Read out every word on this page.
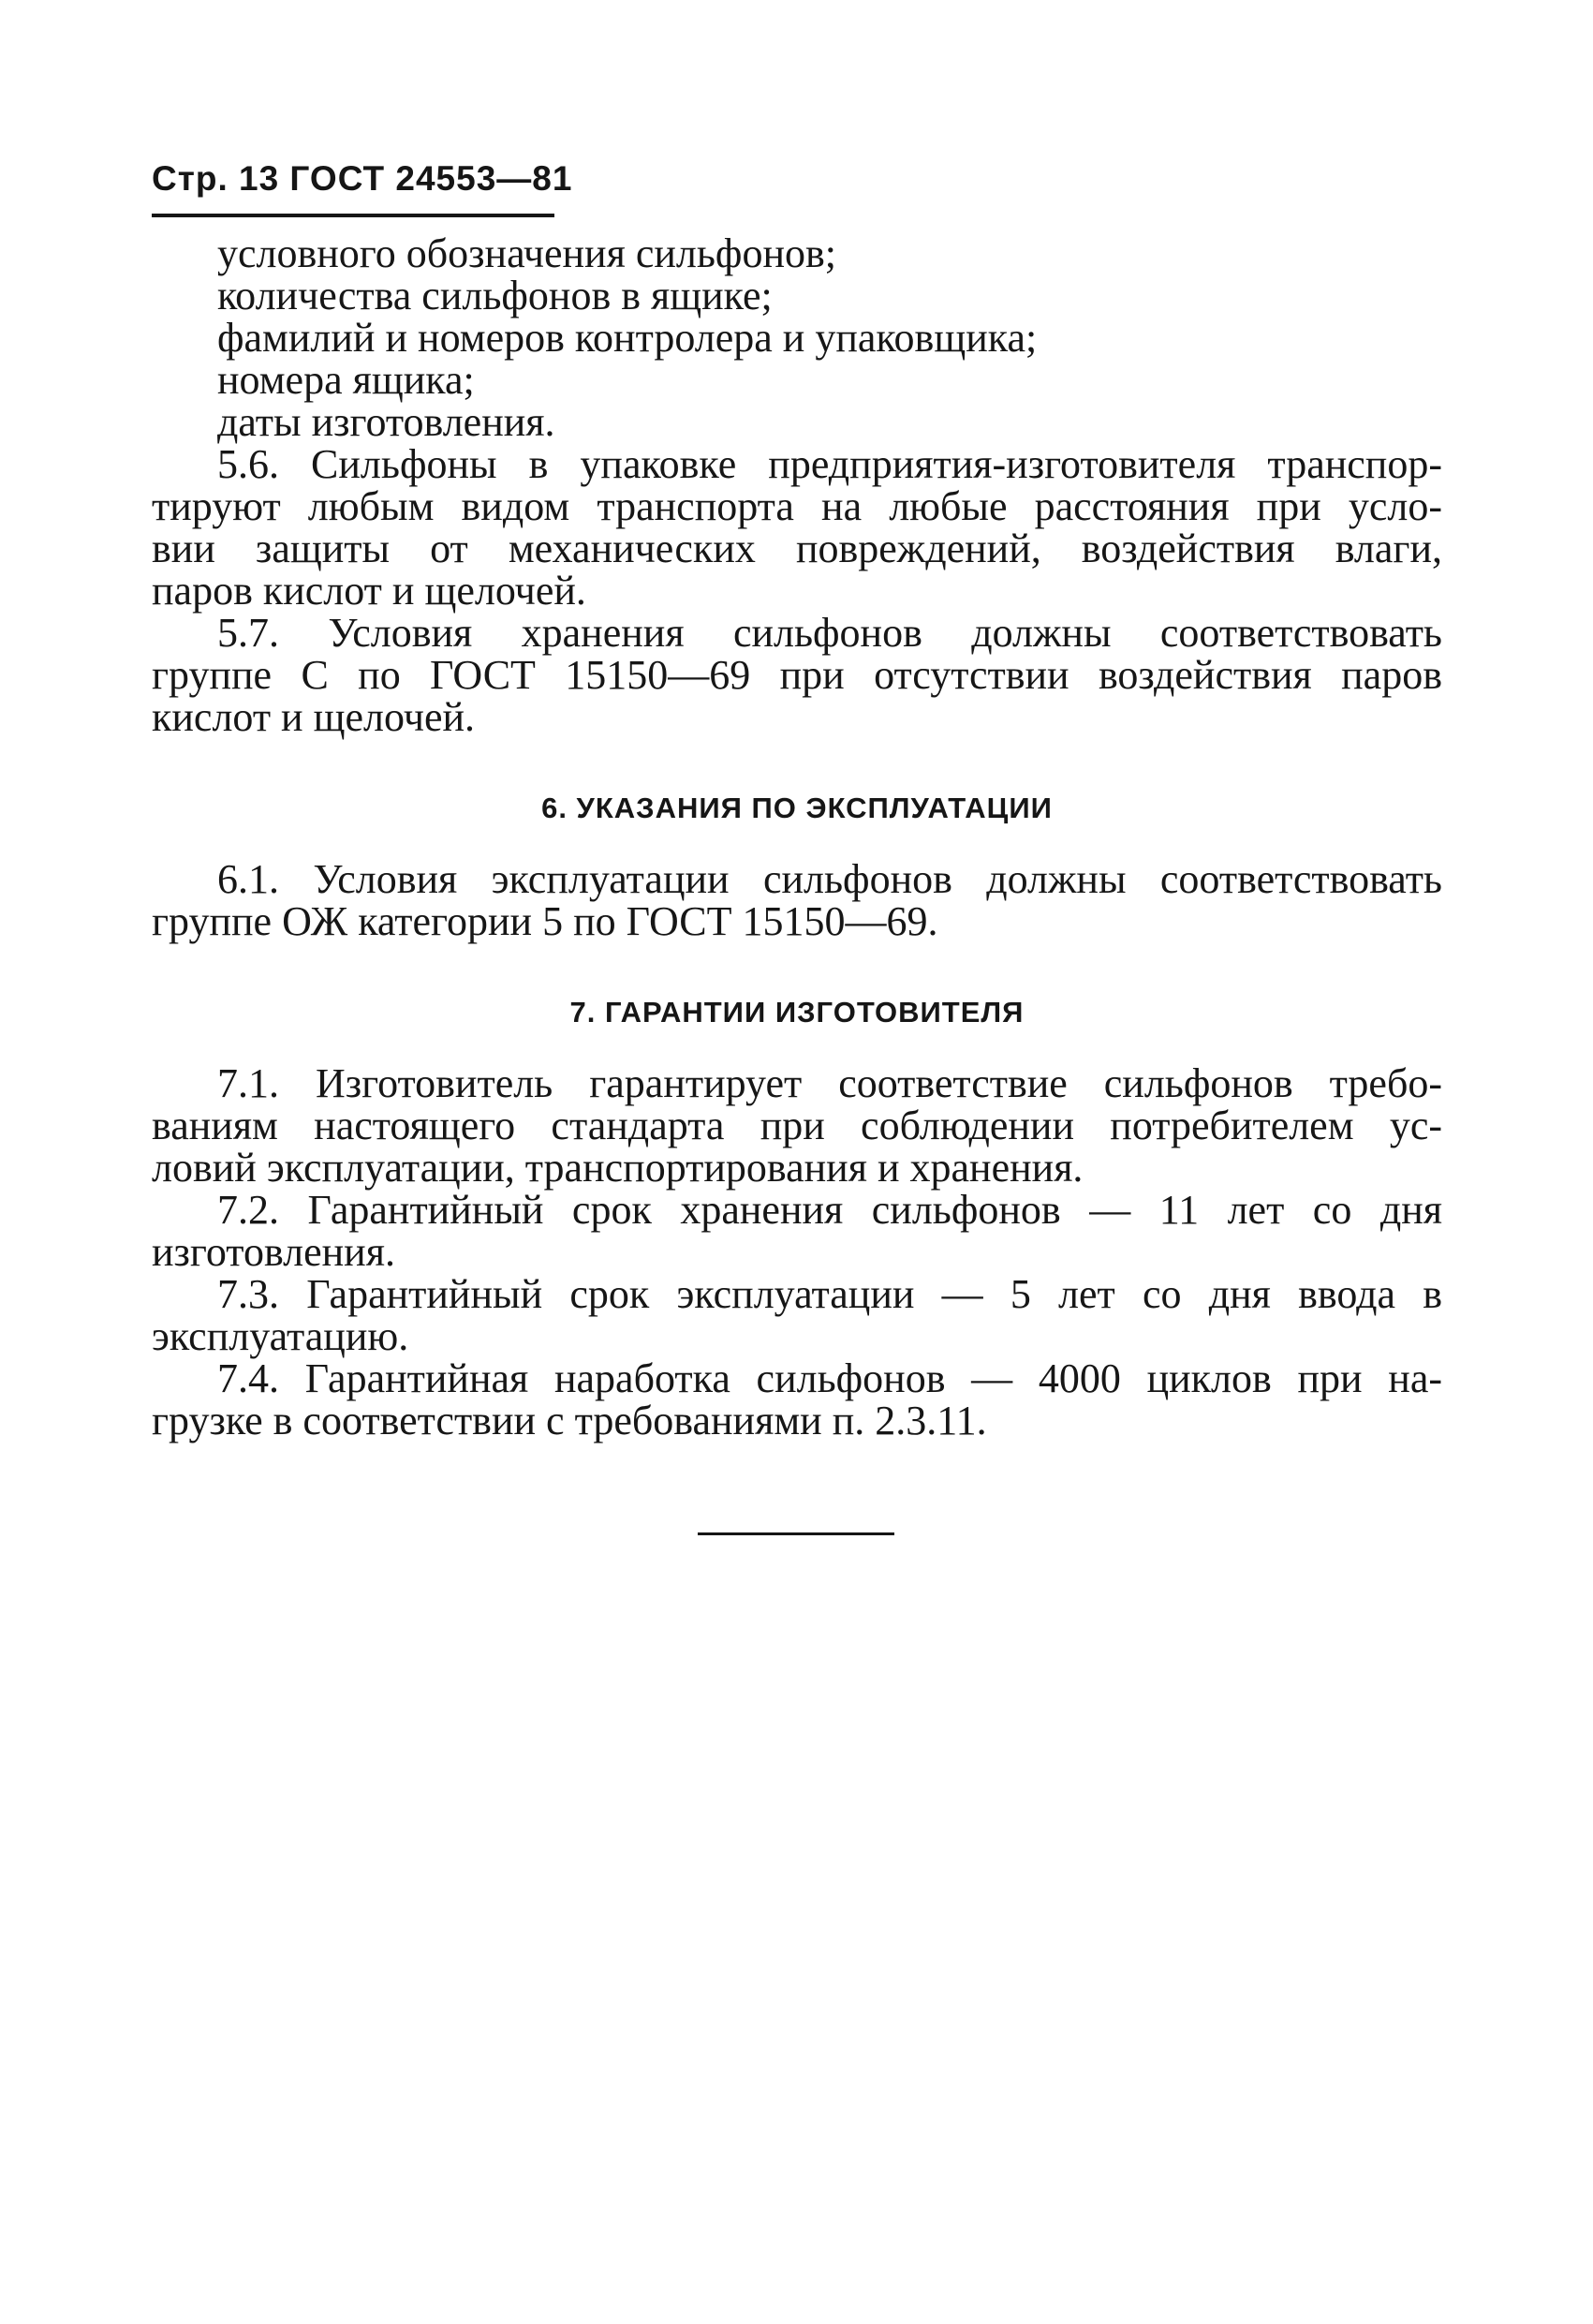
Стр. 13 ГОСТ 24553—81
условного обозначения сильфонов;
количества сильфонов в ящике;
фамилий и номеров контролера и упаковщика;
номера ящика;
даты изготовления.
5.6. Сильфоны в упаковке предприятия-изготовителя транспор-
тируют любым видом транспорта на любые расстояния при усло-
вии защиты от механических повреждений, воздействия влаги,
паров кислот и щелочей.
5.7. Условия хранения сильфонов должны соответствовать
группе С по ГОСТ 15150—69 при отсутствии воздействия паров
кислот и щелочей.
6. УКАЗАНИЯ ПО ЭКСПЛУАТАЦИИ
6.1. Условия эксплуатации сильфонов должны соответствовать
группе ОЖ категории 5 по ГОСТ 15150—69.
7. ГАРАНТИИ ИЗГОТОВИТЕЛЯ
7.1. Изготовитель гарантирует соответствие сильфонов требо-
ваниям настоящего стандарта при соблюдении потребителем ус-
ловий эксплуатации, транспортирования и хранения.
7.2. Гарантийный срок хранения сильфонов — 11 лет со дня
изготовления.
7.3. Гарантийный срок эксплуатации — 5 лет со дня ввода в
эксплуатацию.
7.4. Гарантийная наработка сильфонов — 4000 циклов при на-
грузке в соответствии с требованиями п. 2.3.11.
